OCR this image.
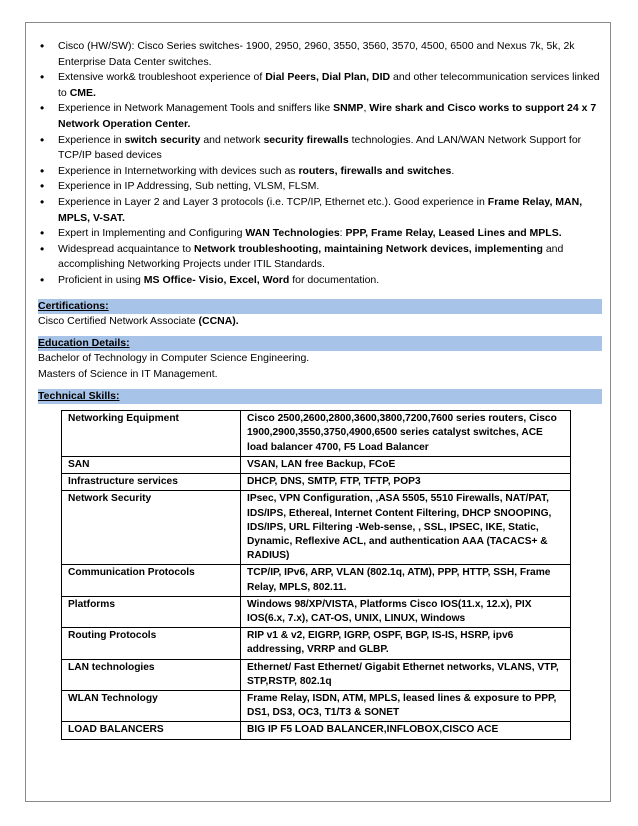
• Cisco (HW/SW): Cisco Series switches- 1900, 2950, 2960, 3550, 3560, 3570, 4500, 6500 and Nexus 7k, 5k, 2k Enterprise Data Center switches.
• Extensive work& troubleshoot experience of Dial Peers, Dial Plan, DID and other telecommunication services linked to CME.
• Experience in Network Management Tools and sniffers like SNMP, Wire shark and Cisco works to support 24 x 7 Network Operation Center.
• Experience in switch security and network security firewalls technologies. And LAN/WAN Network Support for TCP/IP based devices
• Experience in Internetworking with devices such as routers, firewalls and switches.
• Experience in IP Addressing, Sub netting, VLSM, FLSM.
• Experience in Layer 2 and Layer 3 protocols (i.e. TCP/IP, Ethernet etc.). Good experience in Frame Relay, MAN, MPLS, V-SAT.
• Expert in Implementing and Configuring WAN Technologies: PPP, Frame Relay, Leased Lines and MPLS.
• Widespread acquaintance to Network troubleshooting, maintaining Network devices, implementing and accomplishing Networking Projects under ITIL Standards.
• Proficient in using MS Office- Visio, Excel, Word for documentation.
Certifications:
Cisco Certified Network Associate (CCNA).
Education Details:
Bachelor of Technology in Computer Science Engineering.
Masters of Science in IT Management.
Technical Skills:
Networking Equipment	Cisco 2500,2600,2800,3600,3800,7200,7600 series routers, Cisco 1900,2900,3550,3750,4900,6500 series catalyst switches, ACE load balancer 4700, F5 Load Balancer
SAN	VSAN, LAN free Backup, FCoE
Infrastructure services	DHCP, DNS, SMTP, FTP, TFTP, POP3
Network Security	IPsec, VPN Configuration, ,ASA 5505, 5510 Firewalls, NAT/PAT, IDS/IPS, Ethereal, Internet Content Filtering, DHCP SNOOPING, IDS/IPS, URL Filtering -Web-sense, , SSL, IPSEC, IKE, Static, Dynamic, Reflexive ACL, and authentication AAA (TACACS+ & RADIUS)
Communication Protocols	TCP/IP, IPv6, ARP, VLAN (802.1q, ATM), PPP, HTTP, SSH, Frame Relay, MPLS, 802.11.
Platforms	Windows 98/XP/VISTA, Platforms Cisco IOS(11.x, 12.x), PIX IOS(6.x, 7.x), CAT-OS, UNIX, LINUX, Windows
Routing Protocols	RIP v1 & v2, EIGRP, IGRP, OSPF, BGP, IS-IS, HSRP, ipv6 addressing, VRRP and GLBP.
LAN technologies	Ethernet/ Fast Ethernet/ Gigabit Ethernet networks, VLANS, VTP, STP,RSTP, 802.1q
WLAN Technology	Frame Relay, ISDN, ATM, MPLS, leased lines & exposure to PPP, DS1, DS3, OC3, T1/T3 & SONET
LOAD BALANCERS	BIG IP F5 LOAD BALANCER,INFLOBOX,CISCO ACE
